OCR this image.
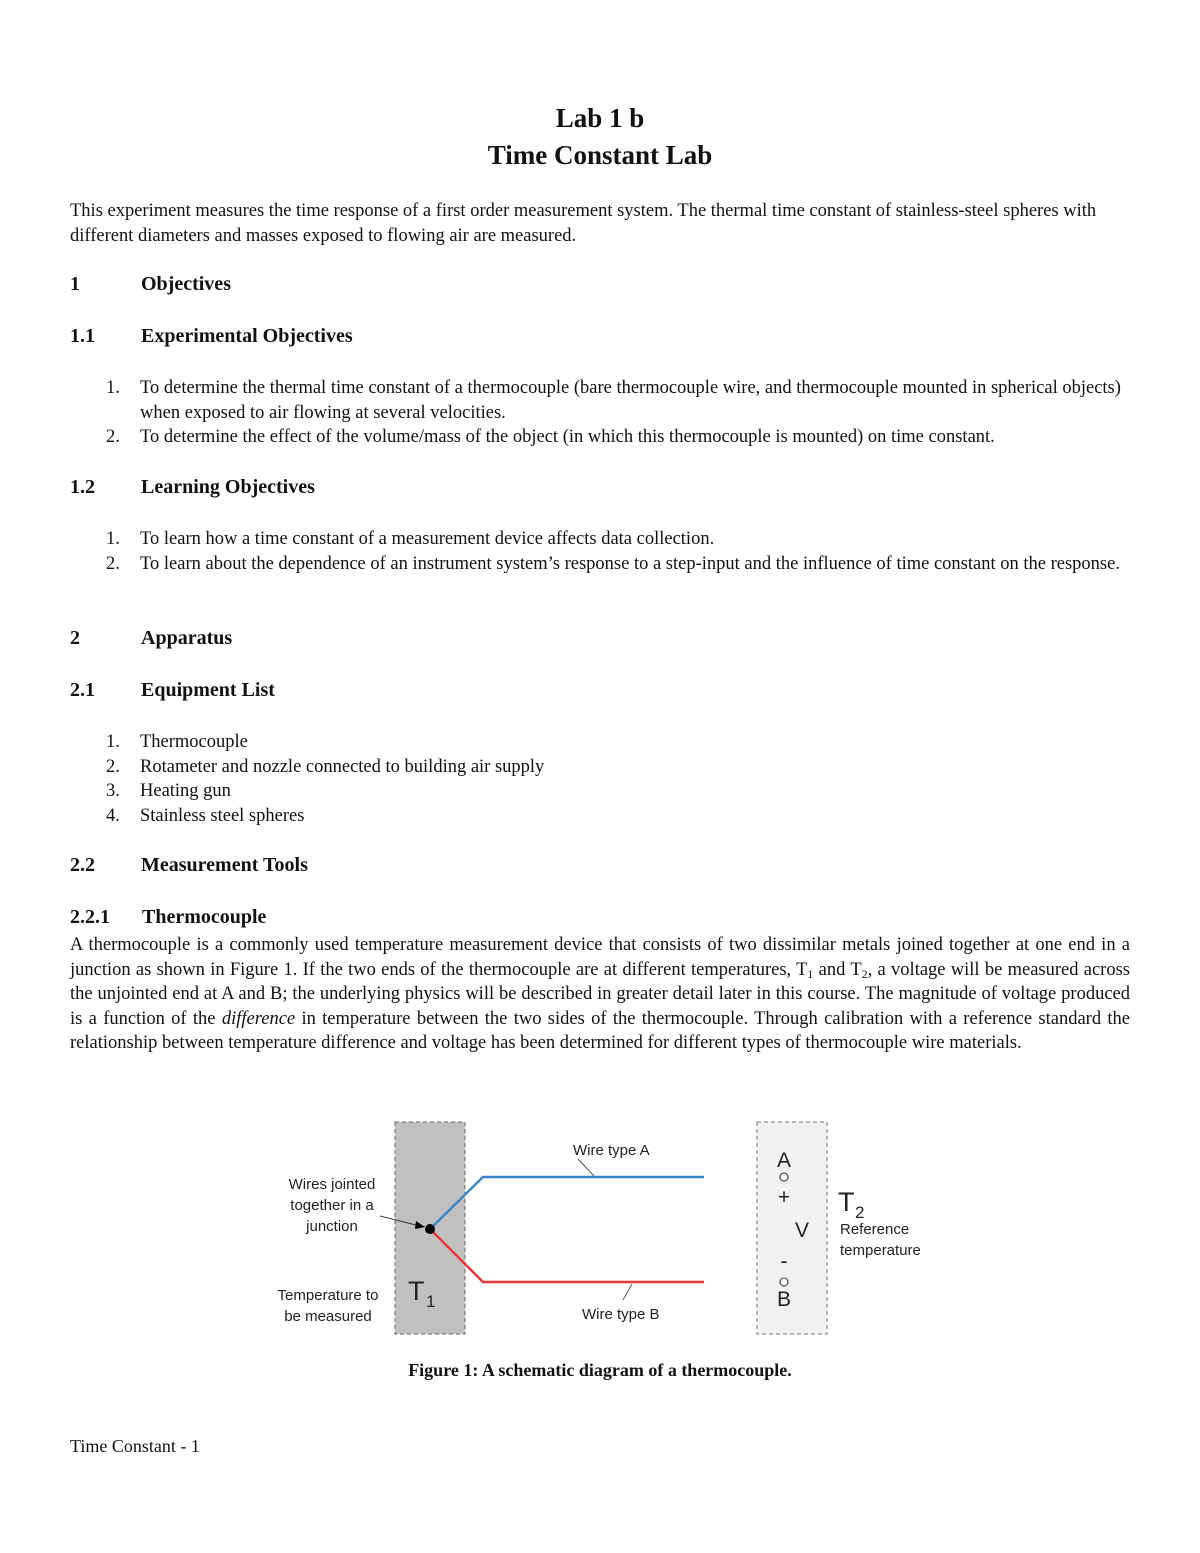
Lab 1 b
Time Constant Lab
This experiment measures the time response of a first order measurement system. The thermal time constant of stainless-steel spheres with different diameters and masses exposed to flowing air are measured.
1	Objectives
1.1 Experimental Objectives
1. To determine the thermal time constant of a thermocouple (bare thermocouple wire, and thermocouple mounted in spherical objects) when exposed to air flowing at several velocities.
2. To determine the effect of the volume/mass of the object (in which this thermocouple is mounted) on time constant.
1.2 Learning Objectives
1. To learn how a time constant of a measurement device affects data collection.
2. To learn about the dependence of an instrument system’s response to a step-input and the influence of time constant on the response.
2	Apparatus
2.1 Equipment List
1. Thermocouple
2. Rotameter and nozzle connected to building air supply
3. Heating gun
4. Stainless steel spheres
2.2 Measurement Tools
2.2.1 Thermocouple
A thermocouple is a commonly used temperature measurement device that consists of two dissimilar metals joined together at one end in a junction as shown in Figure 1. If the two ends of the thermocouple are at different temperatures, $T_1$ and $T_2$, a voltage will be measured across the unjointed end at A and B; the underlying physics will be described in greater detail later in this course. The magnitude of voltage produced is a function of the difference in temperature between the two sides of the thermocouple. Through calibration with a reference standard the relationship between temperature difference and voltage has been determined for different types of thermocouple wire materials.
Wires jointed
together in a
junction
Temperature to
be measured
Wire type A
Wire type B
Reference
temperature
A
B
+
V
-
T 1
T 2
Figure 1: A schematic diagram of a thermocouple.
Time Constant - 1
